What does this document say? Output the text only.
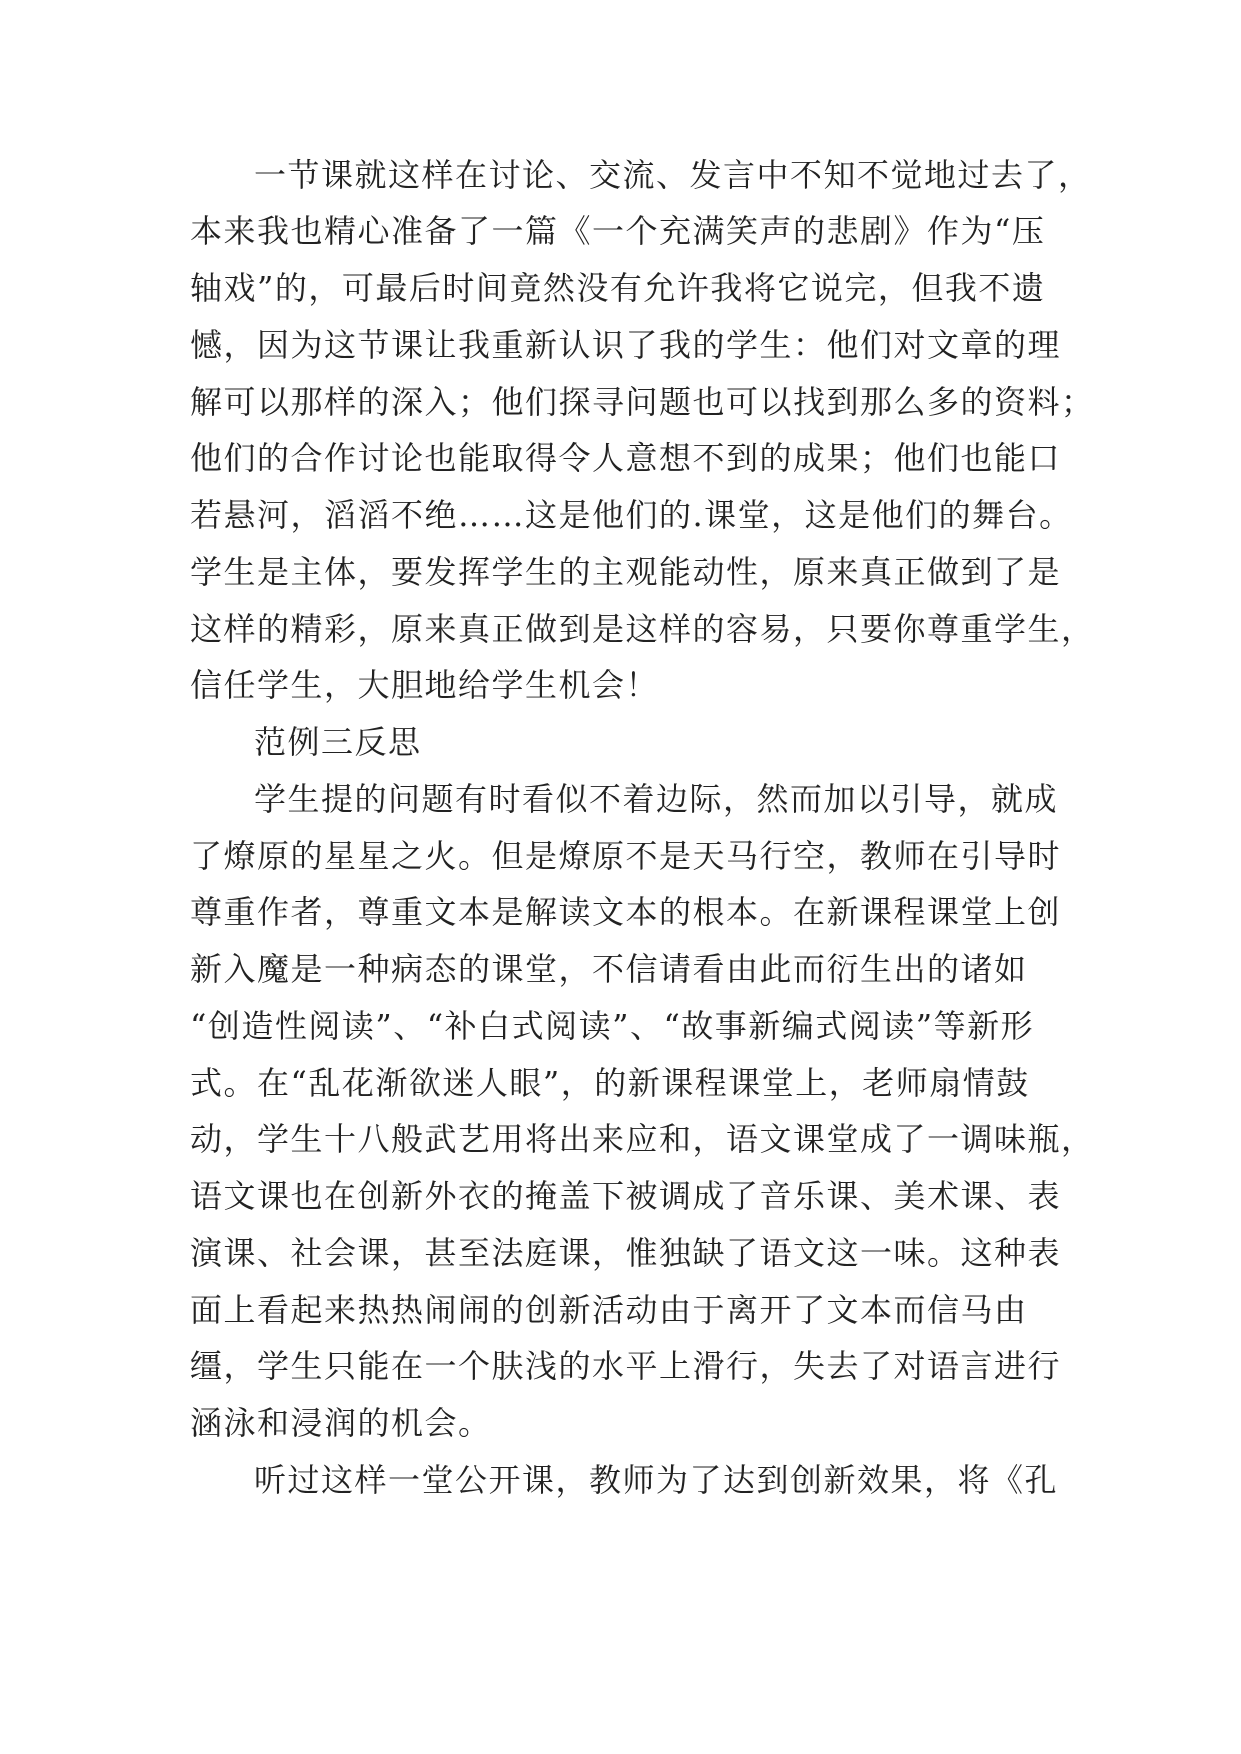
一节课就这样在讨论、交流、发言中不知不觉地过去了，
本来我也精心准备了一篇《一个充满笑声的悲剧》作为“压
轴戏”的，可最后时间竟然没有允许我将它说完，但我不遗
憾，因为这节课让我重新认识了我的学生：他们对文章的理
解可以那样的深入；他们探寻问题也可以找到那么多的资料；
他们的合作讨论也能取得令人意想不到的成果；他们也能口
若悬河，滔滔不绝……这是他们的.课堂，这是他们的舞台。
学生是主体，要发挥学生的主观能动性，原来真正做到了是
这样的精彩，原来真正做到是这样的容易，只要你尊重学生，
信任学生，大胆地给学生机会！
范例三反思
学生提的问题有时看似不着边际，然而加以引导，就成
了燎原的星星之火。但是燎原不是天马行空，教师在引导时
尊重作者，尊重文本是解读文本的根本。在新课程课堂上创
新入魔是一种病态的课堂，不信请看由此而衍生出的诸如
“创造性阅读”、“补白式阅读”、“故事新编式阅读”等新形
式。在“乱花渐欲迷人眼”，的新课程课堂上，老师扇情鼓
动，学生十八般武艺用将出来应和，语文课堂成了一调味瓶，
语文课也在创新外衣的掩盖下被调成了音乐课、美术课、表
演课、社会课，甚至法庭课，惟独缺了语文这一味。这种表
面上看起来热热闹闹的创新活动由于离开了文本而信马由
缰，学生只能在一个肤浅的水平上滑行，失去了对语言进行
涵泳和浸润的机会。
听过这样一堂公开课，教师为了达到创新效果，将《孔
